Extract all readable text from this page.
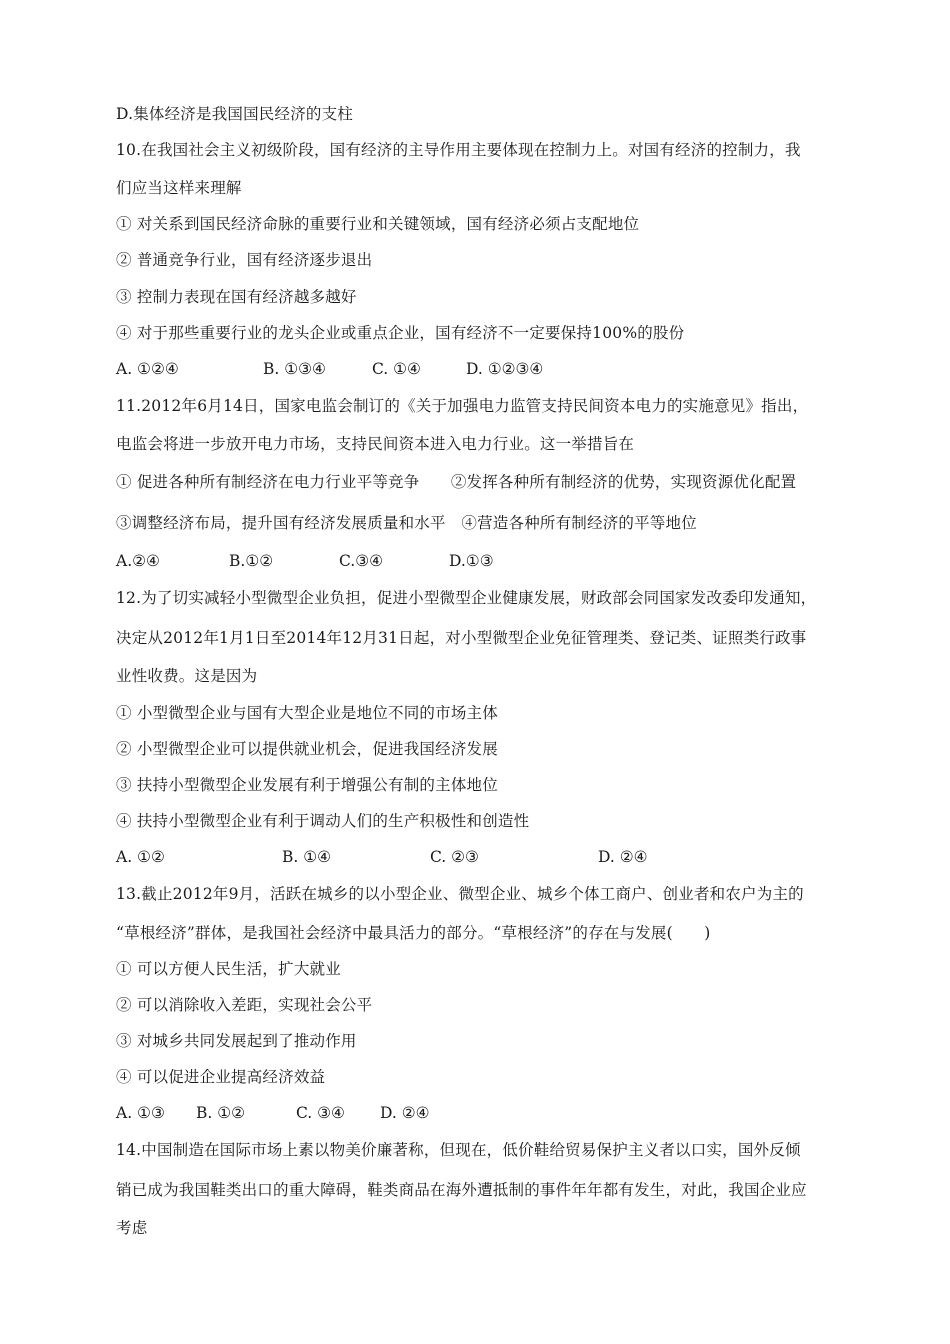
D.集体经济是我国国民经济的支柱
10.在我国社会主义初级阶段，国有经济的主导作用主要体现在控制力上。对国有经济的控制力，我
们应当这样来理解
① 对关系到国民经济命脉的重要行业和关键领域，国有经济必须占支配地位
② 普通竞争行业，国有经济逐步退出
③ 控制力表现在国有经济越多越好
④ 对于那些重要行业的龙头企业或重点企业，国有经济不一定要保持100%的股份
A. ①②④	B. ①③④	C. ①④	D. ①②③④
11.2012年6月14日，国家电监会制订的《关于加强电力监管支持民间资本电力的实施意见》指出，
电监会将进一步放开电力市场，支持民间资本进入电力行业。这一举措旨在
① 促进各种所有制经济在电力行业平等竞争　　②发挥各种所有制经济的优势，实现资源优化配置
③调整经济布局，提升国有经济发展质量和水平　④营造各种所有制经济的平等地位
A.②④	B.①②	C.③④	D.①③
12.为了切实减轻小型微型企业负担，促进小型微型企业健康发展，财政部会同国家发改委印发通知，
决定从2012年1月1日至2014年12月31日起，对小型微型企业免征管理类、登记类、证照类行政事
业性收费。这是因为
① 小型微型企业与国有大型企业是地位不同的市场主体
② 小型微型企业可以提供就业机会，促进我国经济发展
③ 扶持小型微型企业发展有利于增强公有制的主体地位
④ 扶持小型微型企业有利于调动人们的生产积极性和创造性
A. ①②	B. ①④	C. ②③	D. ②④
13.截止2012年9月，活跃在城乡的以小型企业、微型企业、城乡个体工商户、创业者和农户为主的
“草根经济”群体，是我国社会经济中最具活力的部分。“草根经济”的存在与发展(　　)
① 可以方便人民生活，扩大就业
② 可以消除收入差距，实现社会公平
③ 对城乡共同发展起到了推动作用
④ 可以促进企业提高经济效益
A. ①③ B. ①②	C. ③④ D. ②④
14.中国制造在国际市场上素以物美价廉著称，但现在，低价鞋给贸易保护主义者以口实，国外反倾
销已成为我国鞋类出口的重大障碍，鞋类商品在海外遭抵制的事件年年都有发生，对此，我国企业应
考虑
